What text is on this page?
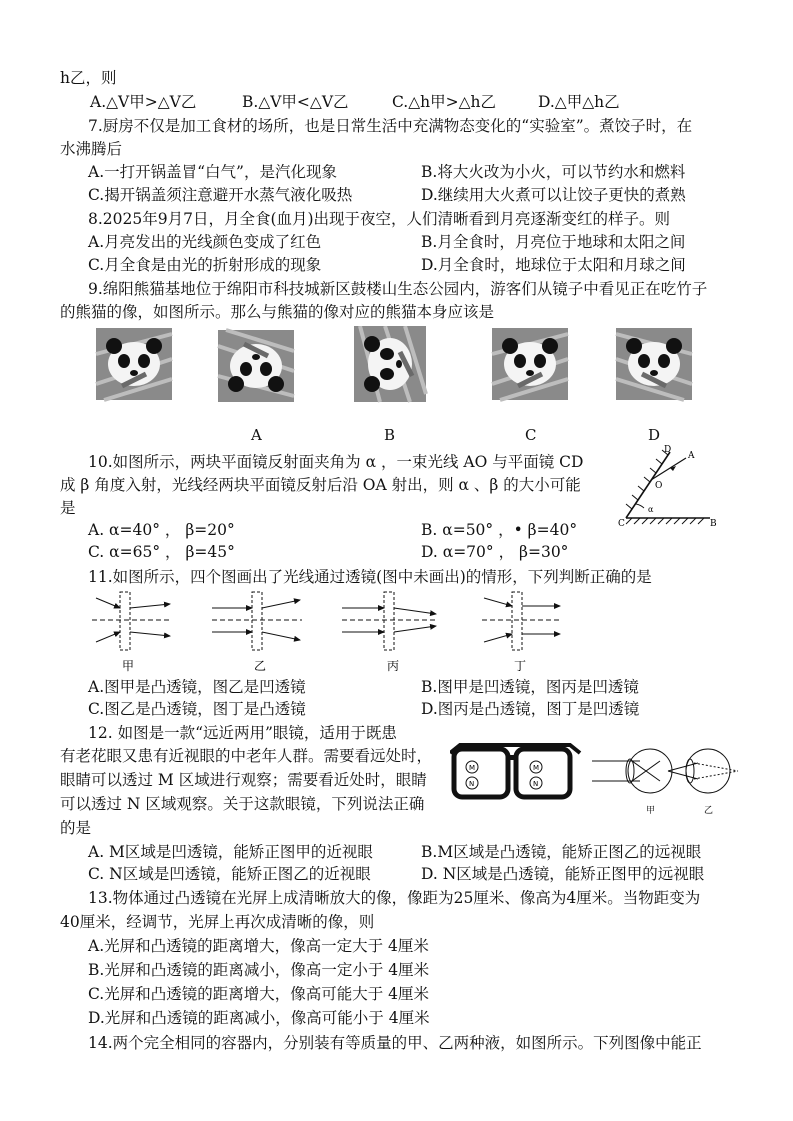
h乙，则
A.△V甲>△V乙	B.△V甲<△V乙	C.△h甲>△h乙	D.△甲△h乙
7.厨房不仅是加工食材的场所，也是日常生活中充满物态变化的“实验室”。煮饺子时，在
水沸腾后
A.一打开锅盖冒“白气”，是汽化现象	B.将大火改为小火，可以节约水和燃料
C.揭开锅盖须注意避开水蒸气液化吸热	D.继续用大火煮可以让饺子更快的煮熟
8.2025年9月7日，月全食(血月)出现于夜空，人们清晰看到月亮逐渐变红的样子。则
A.月亮发出的光线颜色变成了红色	B.月全食时，月亮位于地球和太阳之间
C.月全食是由光的折射形成的现象	D.月全食时，地球位于太阳和月球之间
9.绵阳熊猫基地位于绵阳市科技城新区鼓楼山生态公园内，游客们从镜子中看见正在吃竹子
的熊猫的像，如图所示。那么与熊猫的像对应的熊猫本身应该是
A	B	C	D
10.如图所示，两块平面镜反射面夹角为 α ，一束光线 AO 与平面镜 CD
成 β 角度入射，光线经两块平面镜反射后沿 OA 射出，则 α 、β 的大小可能
是
A. α=40° ， β=20°	B. α=50° ，• β=40°
C. α=65° ， β=45°	D. α=70° ， β=30°
D
A
O
C	B
α
11.如图所示，四个图画出了光线通过透镜(图中未画出)的情形，下列判断正确的是
甲	乙	丙	丁
A.图甲是凸透镜，图乙是凹透镜	B.图甲是凹透镜，图丙是凹透镜
C.图乙是凸透镜，图丁是凸透镜	D.图丙是凸透镜，图丁是凹透镜
12. 如图是一款“远近两用”眼镜，适用于既患
有老花眼又患有近视眼的中老年人群。需要看远处时，
眼睛可以透过 M 区域进行观察；需要看近处时，眼睛
可以透过 N 区域观察。关于这款眼镜，下列说法正确
的是
M
N
M
N
甲	乙
A. M区域是凹透镜，能矫正图甲的近视眼	B.M区域是凸透镜，能矫正图乙的远视眼
C. N区域是凹透镜，能矫正图乙的近视眼	D. N区域是凸透镜，能矫正图甲的远视眼
13.物体通过凸透镜在光屏上成清晰放大的像，像距为25厘米、像高为4厘米。当物距变为
40厘米，经调节，光屏上再次成清晰的像，则
A.光屏和凸透镜的距离增大，像高一定大于 4厘米
B.光屏和凸透镜的距离减小，像高一定小于 4厘米
C.光屏和凸透镜的距离增大，像高可能大于 4厘米
D.光屏和凸透镜的距离减小，像高可能小于 4厘米
14.两个完全相同的容器内，分别装有等质量的甲、乙两种液，如图所示。下列图像中能正
